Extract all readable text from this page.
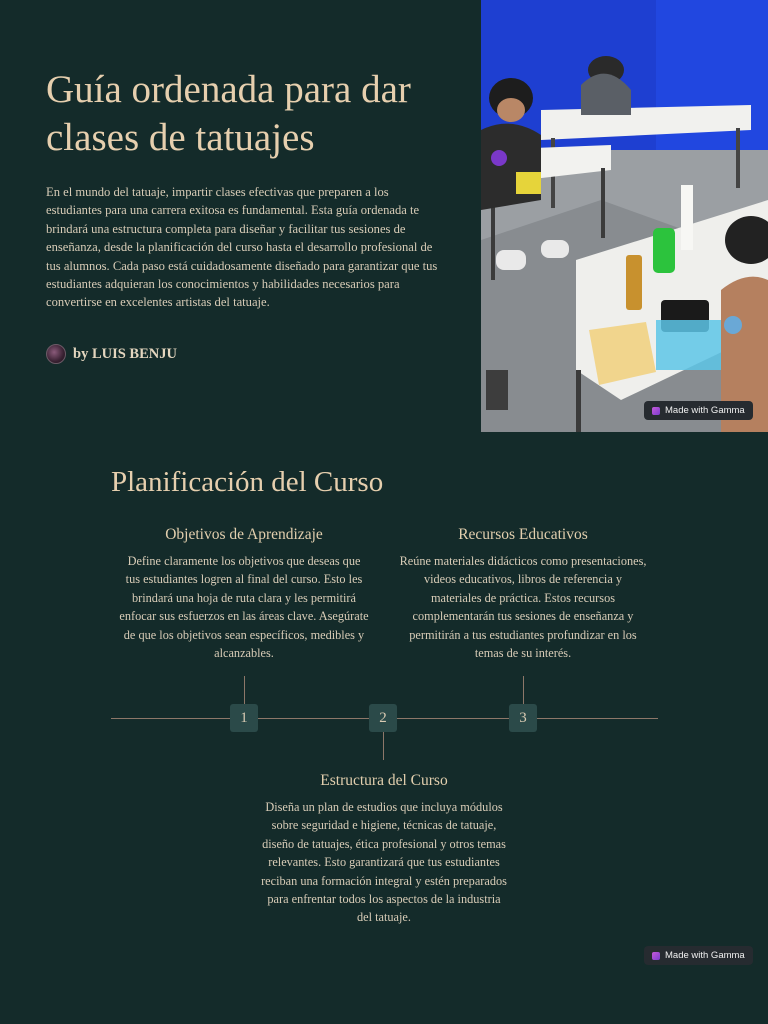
Guía ordenada para dar clases de tatuajes

En el mundo del tatuaje, impartir clases efectivas que preparen a los estudiantes para una carrera exitosa es fundamental. Esta guía ordenada te brindará una estructura completa para diseñar y facilitar tus sesiones de enseñanza, desde la planificación del curso hasta el desarrollo profesional de tus alumnos. Cada paso está cuidadosamente diseñado para garantizar que tus estudiantes adquieran los conocimientos y habilidades necesarios para convertirse en excelentes artistas del tatuaje.

by LUIS BENJU
Made with Gamma
Planificación del Curso
Objetivos de Aprendizaje

Define claramente los objetivos que deseas que tus estudiantes logren al final del curso. Esto les brindará una hoja de ruta clara y les permitirá enfocar sus esfuerzos en las áreas clave. Asegúrate de que los objetivos sean específicos, medibles y alcanzables.

Recursos Educativos

Reúne materiales didácticos como presentaciones, videos educativos, libros de referencia y materiales de práctica. Estos recursos complementarán tus sesiones de enseñanza y permitirán a tus estudiantes profundizar en los temas de su interés.

Estructura del Curso

Diseña un plan de estudios que incluya módulos sobre seguridad e higiene, técnicas de tatuaje, diseño de tatuajes, ética profesional y otros temas relevantes. Esto garantizará que tus estudiantes reciban una formación integral y estén preparados para enfrentar todos los aspectos de la industria del tatuaje.

1	2	3
Made with Gamma
